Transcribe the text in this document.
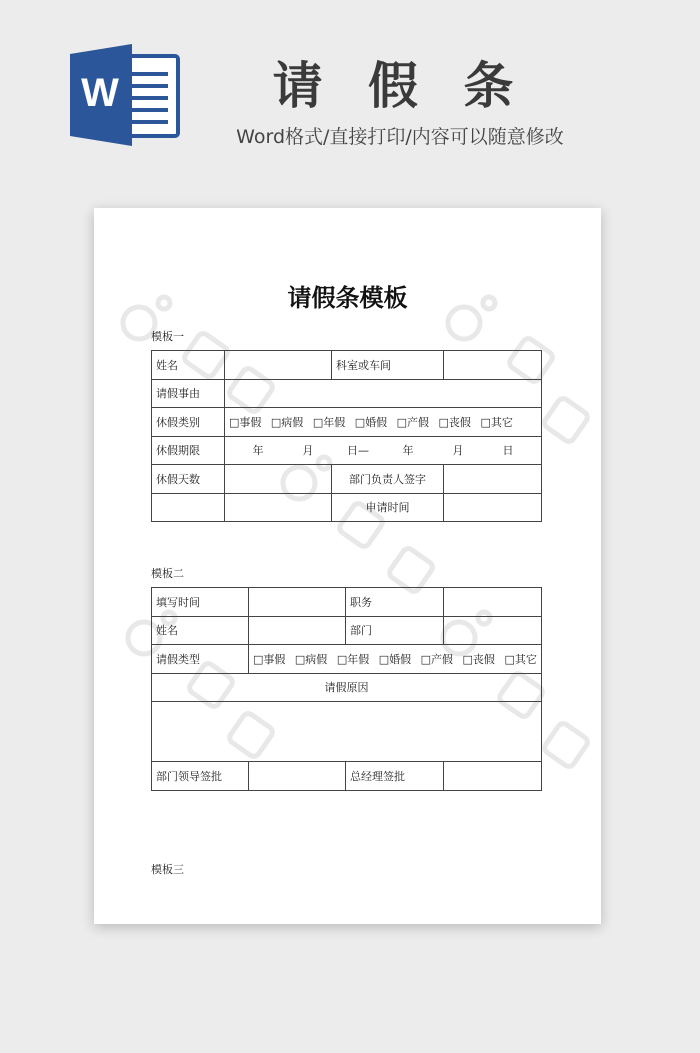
W	请 假 条
Word格式/直接打印/内容可以随意修改
请假条模板
模板一
姓名		科室或车间	
请假事由			
休假类别	□事假 □病假 □年假 □婚假 □产假 □丧假 □其它		
休假期限	年 月 日— 年 月 日		
休假天数		部门负责人签字	
		申请时间	
模板二
填写时间		职务	
姓名		部门	
请假类型	□事假 □病假 □年假 □婚假 □产假 □丧假 □其它		
请假原因			

部门领导签批		总经理签批	
模板三
